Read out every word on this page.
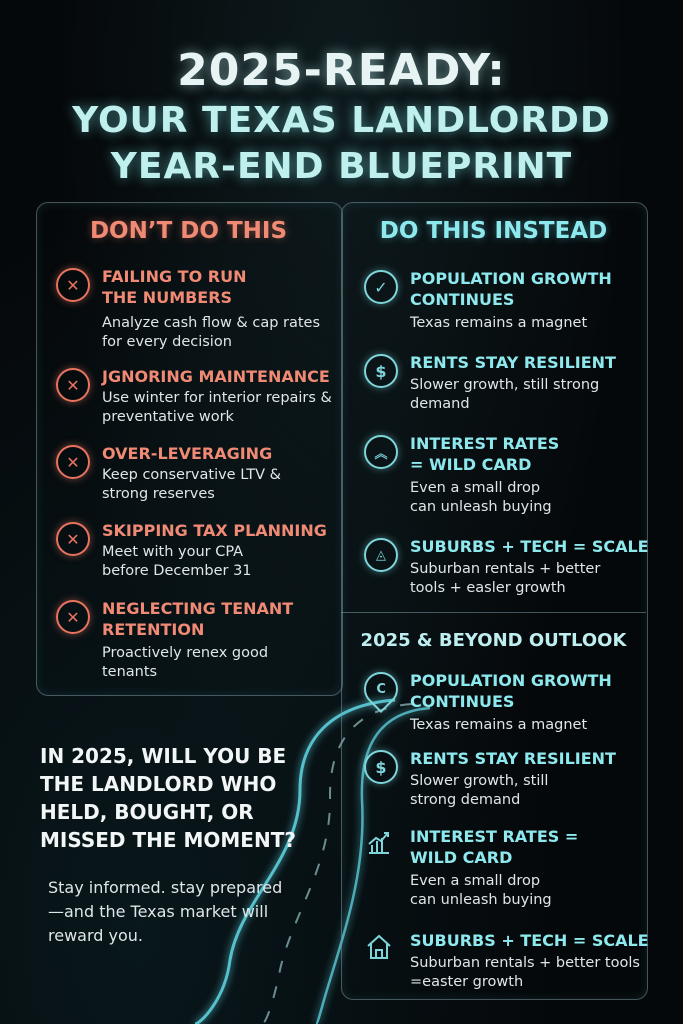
2025-READY:
YOUR TEXAS LANDLORDD
YEAR-END BLUEPRINT
DON’T DO THIS	DO THIS INSTEAD
2025 & BEYOND OUTLOOK
✕	FAILING TO RUN THE NUMBERS
Analyze cash flow & cap rates for every decision
✕	JGNORING MAINTENANCE
Use winter for interior repairs & preventative work
✕	OVER-LEVERAGING
Keep conservative LTV & strong reserves
✕	SKIPPING TAX PLANNING
Meet with your CPA before December 31
✕	NEGLECTING TENANT RETENTION
Proactively renex good tenants
✓	POPULATION GROWTH CONTINUES
Texas remains a magnet
$	RENTS STAY RESILIENT
Slower growth, still strong demand
︽
INTEREST RATES = WILD CARD
Even a small drop can unleash buying
◬	SUBURBS + TECH = SCALE
Suburban rentals + better tools + easler growth
C POPULATION GROWTH CONTINUES
Texas remains a magnet
$	RENTS STAY RESILIENT
Slower growth, still strong demand
INTEREST RATES = WILD CARD
Even a small drop can unleash buying
SUBURBS + TECH = SCALE
Suburban rentals + better tools =easter growth
IN 2025, WILL YOU BE THE LANDLORD WHO HELD, BOUGHT, OR MISSED THE MOMENT?
Stay informed. stay prepared—and the Texas market will reward you.
